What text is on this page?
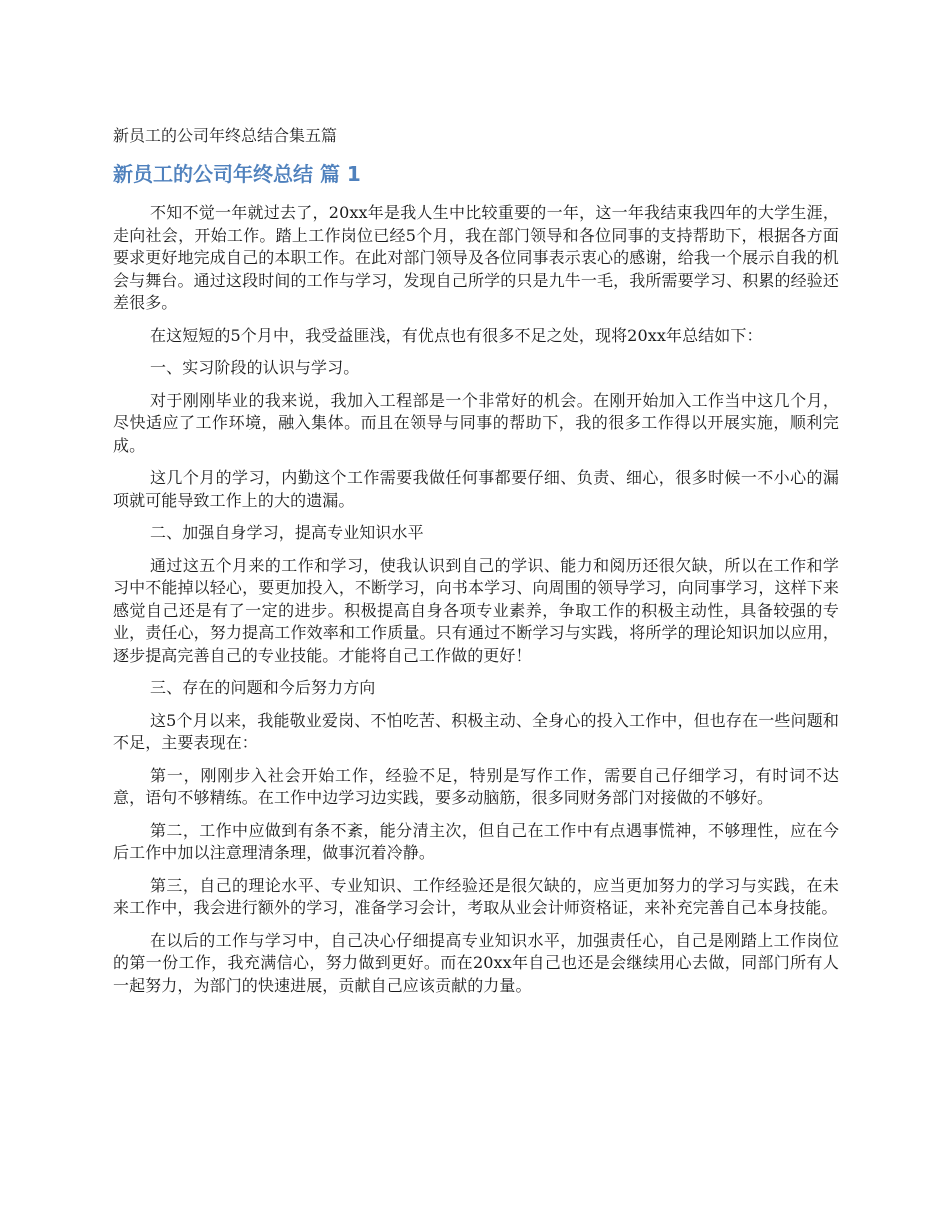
新员工的公司年终总结合集五篇
新员工的公司年终总结 篇 1

不知不觉一年就过去了，20xx年是我人生中比较重要的一年，这一年我结束我四年的大学生涯，走向社会，开始工作。踏上工作岗位已经5个月，我在部门领导和各位同事的支持帮助下，根据各方面要求更好地完成自己的本职工作。在此对部门领导及各位同事表示衷心的感谢，给我一个展示自我的机会与舞台。通过这段时间的工作与学习，发现自己所学的只是九牛一毛，我所需要学习、积累的经验还差很多。

在这短短的5个月中，我受益匪浅，有优点也有很多不足之处，现将20xx年总结如下：

一、实习阶段的认识与学习。

对于刚刚毕业的我来说，我加入工程部是一个非常好的机会。在刚开始加入工作当中这几个月，尽快适应了工作环境，融入集体。而且在领导与同事的帮助下，我的很多工作得以开展实施，顺利完成。

这几个月的学习，内勤这个工作需要我做任何事都要仔细、负责、细心，很多时候一不小心的漏项就可能导致工作上的大的遗漏。

二、加强自身学习，提高专业知识水平

通过这五个月来的工作和学习，使我认识到自己的学识、能力和阅历还很欠缺，所以在工作和学习中不能掉以轻心，要更加投入，不断学习，向书本学习、向周围的领导学习，向同事学习，这样下来感觉自己还是有了一定的进步。积极提高自身各项专业素养，争取工作的积极主动性，具备较强的专业，责任心，努力提高工作效率和工作质量。只有通过不断学习与实践，将所学的理论知识加以应用，逐步提高完善自己的专业技能。才能将自己工作做的更好！

三、存在的问题和今后努力方向

这5个月以来，我能敬业爱岗、不怕吃苦、积极主动、全身心的投入工作中，但也存在一些问题和不足，主要表现在：

第一，刚刚步入社会开始工作，经验不足，特别是写作工作，需要自己仔细学习，有时词不达意，语句不够精练。在工作中边学习边实践，要多动脑筋，很多同财务部门对接做的不够好。

第二，工作中应做到有条不紊，能分清主次，但自己在工作中有点遇事慌神，不够理性，应在今后工作中加以注意理清条理，做事沉着冷静。

第三，自己的理论水平、专业知识、工作经验还是很欠缺的，应当更加努力的学习与实践，在未来工作中，我会进行额外的学习，准备学习会计，考取从业会计师资格证，来补充完善自己本身技能。

在以后的工作与学习中，自己决心仔细提高专业知识水平，加强责任心，自己是刚踏上工作岗位的第一份工作，我充满信心，努力做到更好。而在20xx年自己也还是会继续用心去做，同部门所有人一起努力，为部门的快速进展，贡献自己应该贡献的力量。
